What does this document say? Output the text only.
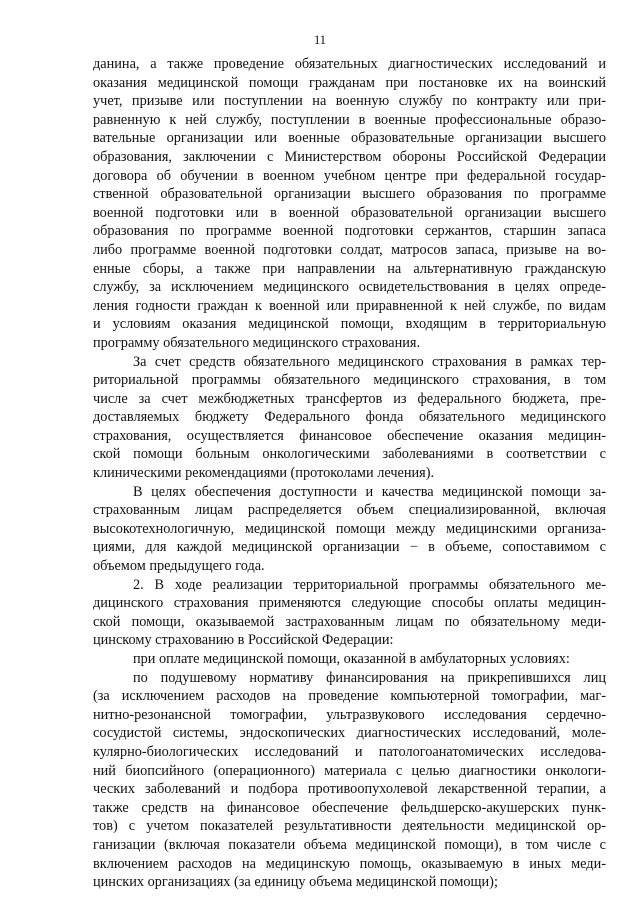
11
данина, а также проведение обязательных диагностических исследований и
оказания медицинской помощи гражданам при постановке их на воинский
учет, призыве или поступлении на военную службу по контракту или при-
равненную к ней службу, поступлении в военные профессиональные образо-
вательные организации или военные образовательные организации высшего
образования, заключении с Министерством обороны Российской Федерации
договора об обучении в военном учебном центре при федеральной государ-
ственной образовательной организации высшего образования по программе
военной подготовки или в военной образовательной организации высшего
образования по программе военной подготовки сержантов, старшин запаса
либо программе военной подготовки солдат, матросов запаса, призыве на во-
енные сборы, а также при направлении на альтернативную гражданскую
службу, за исключением медицинского освидетельствования в целях опреде-
ления годности граждан к военной или приравненной к ней службе, по видам
и условиям оказания медицинской помощи, входящим в территориальную
программу обязательного медицинского страхования.
За счет средств обязательного медицинского страхования в рамках тер-
риториальной программы обязательного медицинского страхования, в том
числе за счет межбюджетных трансфертов из федерального бюджета, пре-
доставляемых бюджету Федерального фонда обязательного медицинского
страхования, осуществляется финансовое обеспечение оказания медицин-
ской помощи больным онкологическими заболеваниями в соответствии с
клиническими рекомендациями (протоколами лечения).
В целях обеспечения доступности и качества медицинской помощи за-
страхованным лицам распределяется объем специализированной, включая
высокотехнологичную, медицинской помощи между медицинскими организа-
циями, для каждой медицинской организации − в объеме, сопоставимом с
объемом предыдущего года.
2. В ходе реализации территориальной программы обязательного ме-
дицинского страхования применяются следующие способы оплаты медицин-
ской помощи, оказываемой застрахованным лицам по обязательному меди-
цинскому страхованию в Российской Федерации:
при оплате медицинской помощи, оказанной в амбулаторных условиях:
по подушевому нормативу финансирования на прикрепившихся лиц
(за исключением расходов на проведение компьютерной томографии, маг-
нитно-резонансной томографии, ультразвукового исследования сердечно-
сосудистой системы, эндоскопических диагностических исследований, моле-
кулярно-биологических исследований и патологоанатомических исследова-
ний биопсийного (операционного) материала с целью диагностики онкологи-
ческих заболеваний и подбора противоопухолевой лекарственной терапии, а
также средств на финансовое обеспечение фельдшерско-акушерских пунк-
тов) с учетом показателей результативности деятельности медицинской ор-
ганизации (включая показатели объема медицинской помощи), в том числе с
включением расходов на медицинскую помощь, оказываемую в иных меди-
цинских организациях (за единицу объема медицинской помощи);
